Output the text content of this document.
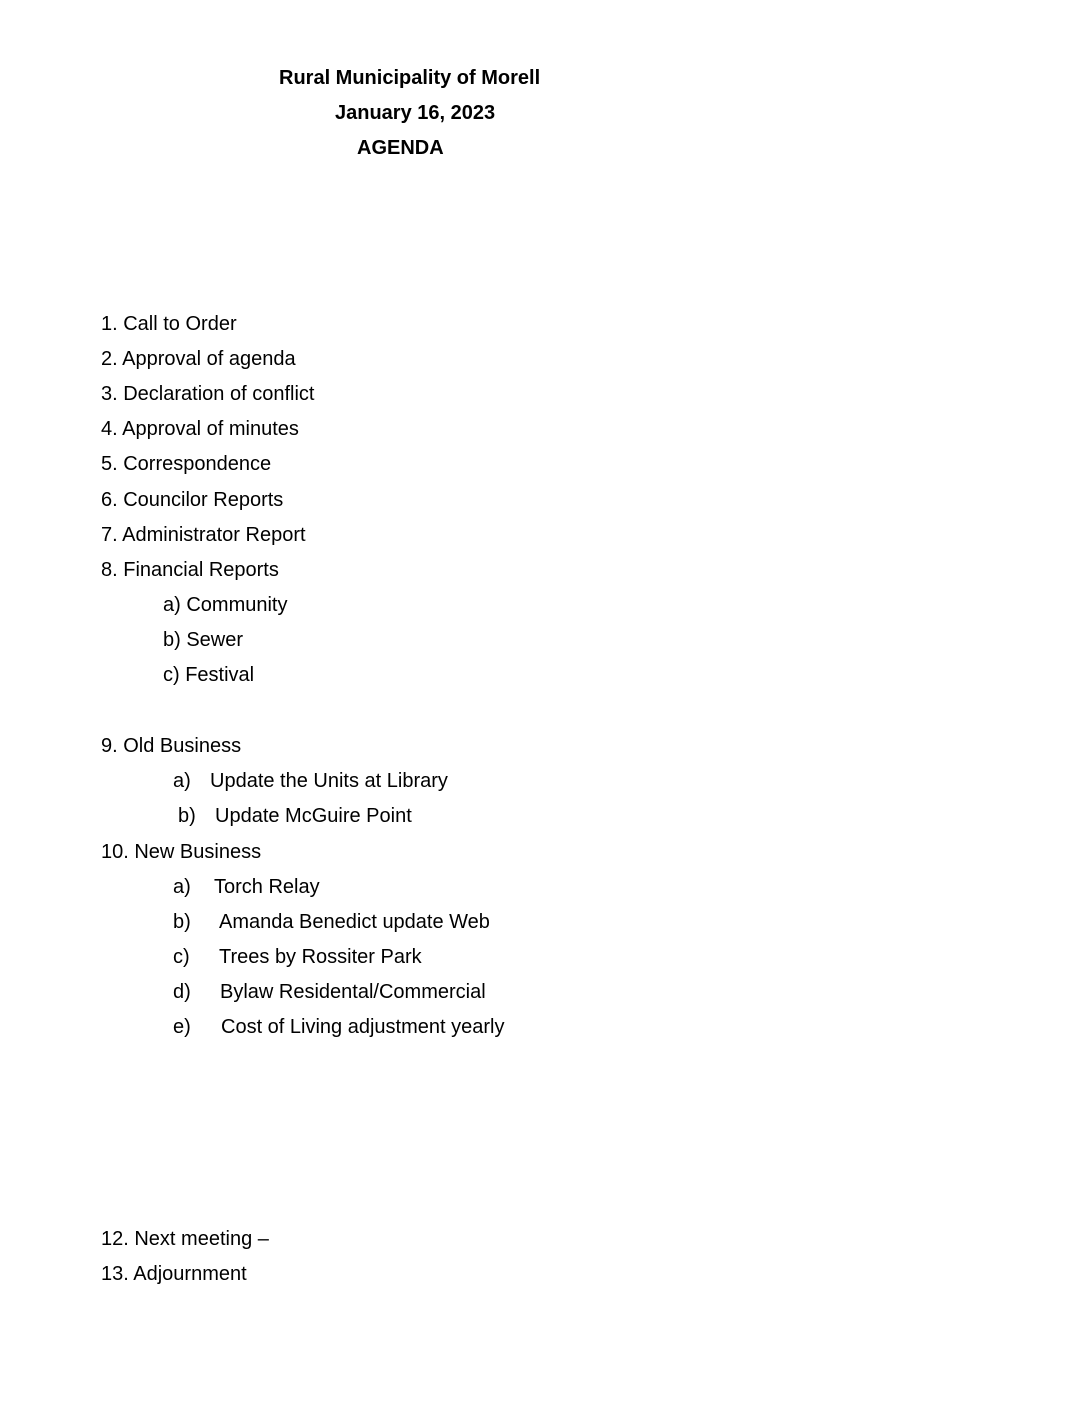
Rural Municipality of Morell
January 16, 2023
AGENDA
1. Call to Order
2. Approval of agenda
3. Declaration of conflict
4. Approval of minutes
5. Correspondence
6. Councilor Reports
7. Administrator Report
8. Financial Reports
a) Community
b) Sewer
c) Festival
9. Old Business
a) Update the Units at Library
b) Update McGuire Point
10. New Business
a) Torch Relay
b) Amanda Benedict update Web
c) Trees by Rossiter Park
d) Bylaw Residental/Commercial
e) Cost of Living adjustment yearly
12. Next meeting –
13. Adjournment
